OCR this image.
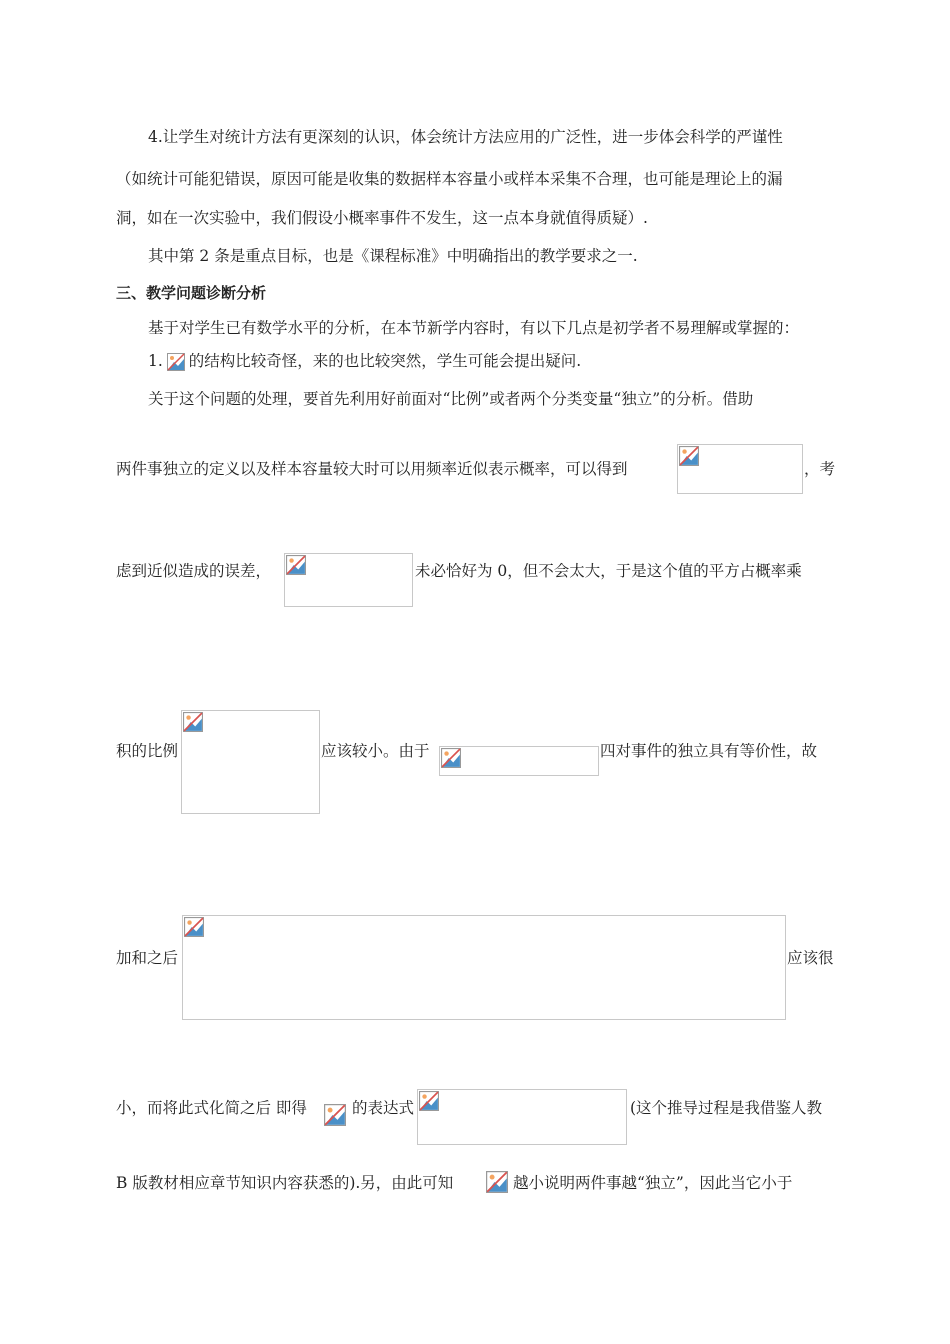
4.让学生对统计方法有更深刻的认识，体会统计方法应用的广泛性，进一步体会科学的严谨性
（如统计可能犯错误，原因可能是收集的数据样本容量小或样本采集不合理，也可能是理论上的漏
洞，如在一次实验中，我们假设小概率事件不发生，这一点本身就值得质疑）.
其中第 2 条是重点目标，也是《课程标准》中明确指出的教学要求之一.
三、教学问题诊断分析
基于对学生已有数学水平的分析，在本节新学内容时，有以下几点是初学者不易理解或掌握的：
1. 的结构比较奇怪，来的也比较突然，学生可能会提出疑问.
关于这个问题的处理，要首先利用好前面对“比例”或者两个分类变量“独立”的分析。借助
两件事独立的定义以及样本容量较大时可以用频率近似表示概率，可以得到	，考
虑到近似造成的误差，	未必恰好为 0，但不会太大，于是这个值的平方占概率乘
积的比例	应该较小。由于	四对事件的独立具有等价性，故
加和之后	应该很
小，而将此式化简之后 即得	的表达式	(这个推导过程是我借鉴人教
B 版教材相应章节知识内容获悉的).另，由此可知	越小说明两件事越“独立”，因此当它小于
